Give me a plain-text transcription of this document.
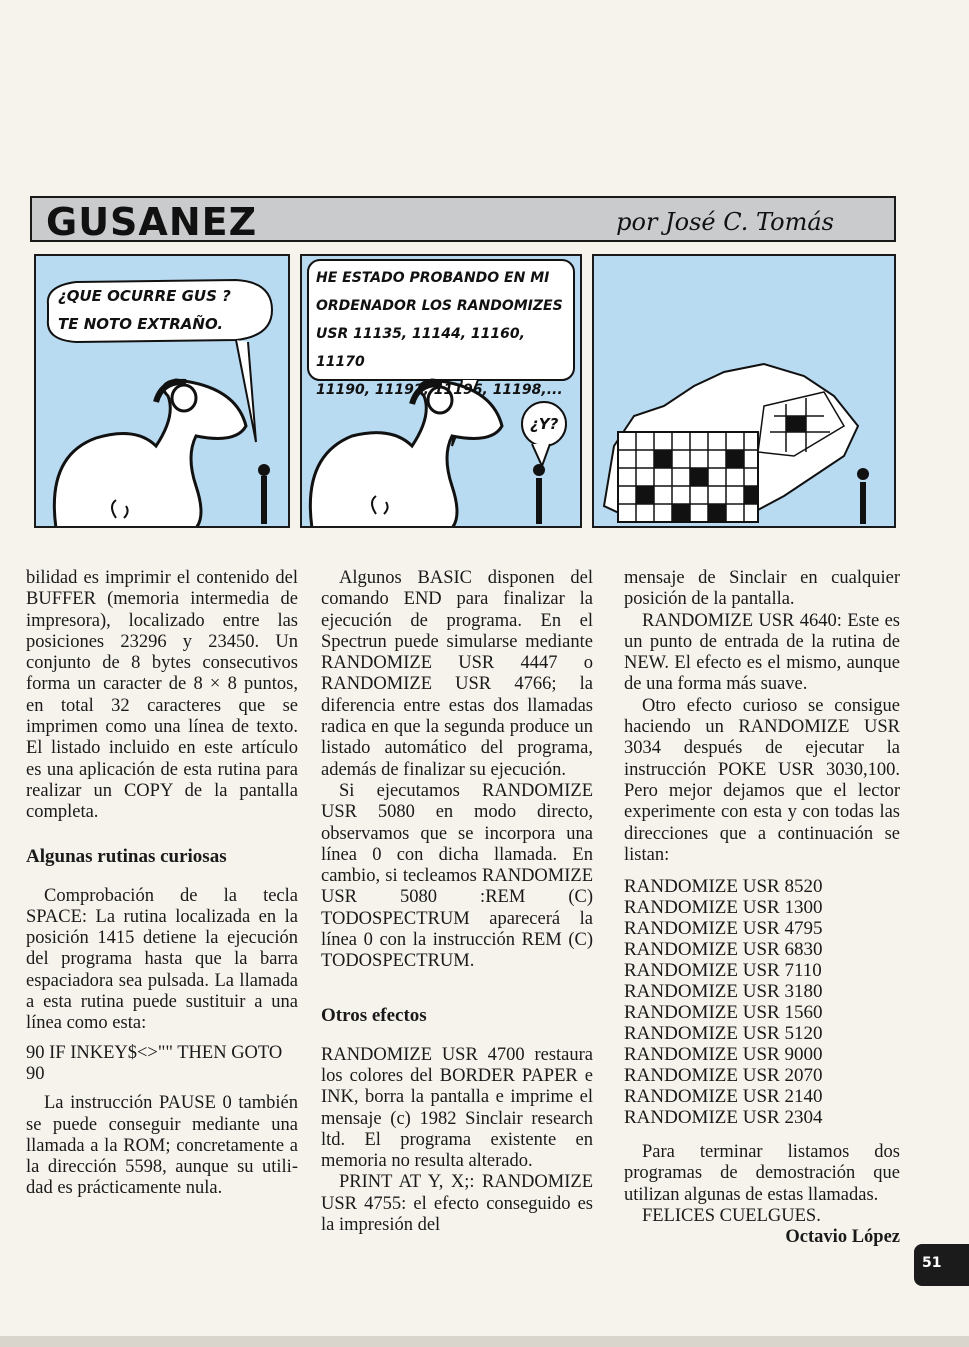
GUSANEZ	por José C. Tomás
¿QUE OCURRE GUS ?
TE NOTO EXTRAÑO.
HE ESTADO PROBANDO EN MI
ORDENADOR LOS RANDOMIZES
USR 11135, 11144, 11160, 11170
11190, 11192, 11196, 11198,...
¿Y?

bilidad es imprimir el contenido del BUFFER (memoria intermedia de impresora), localizado entre las posiciones 23296 y 23450. Un conjunto de 8 bytes consecutivos forma un caracter de 8 × 8 puntos, en total 32 caracteres que se imprimen como una línea de texto. El listado incluido en este artículo es una aplicación de esta rutina para realizar un COPY de la pantalla completa.

Algunas rutinas curiosas

Comprobación de la tecla SPACE: La rutina localizada en la posición 1415 detiene la ejecución del programa hasta que la barra espaciadora sea pulsada. La llamada a esta rutina puede sustituir a una línea como esta:

90 IF INKEY$<>"" THEN GOTO 90

La instrucción PAUSE 0 también se puede conseguir mediante una llamada a la ROM; concretamente a la dirección 5598, aunque su utilidad es prácticamente nula.

Algunos BASIC disponen del comando END para finalizar la ejecución de programa. En el Spectrun puede simularse mediante RANDOMIZE USR 4447 o RANDOMIZE USR 4766; la diferencia entre estas dos llamadas radica en que la segunda produce un listado automático del programa, además de finalizar su ejecución.

Si ejecutamos RANDOMIZE USR 5080 en modo directo, observamos que se incorpora una línea 0 con dicha llamada. En cambio, si tecleamos RANDOMIZE USR 5080 :REM (C) TODOSPECTRUM aparecerá la línea 0 con la instrucción REM (C) TODOSPECTRUM.

Otros efectos

RANDOMIZE USR 4700 restaura los colores del BORDER PAPER e INK, borra la pantalla e imprime el mensaje (c) 1982 Sinclair research ltd. El programa existente en memoria no resulta alterado.

PRINT AT Y, X;: RANDOMIZE USR 4755: el efecto conseguido es la impresión del

mensaje de Sinclair en cualquier posición de la pantalla.

RANDOMIZE USR 4640: Este es un punto de entrada de la rutina de NEW. El efecto es el mismo, aunque de una forma más suave.

Otro efecto curioso se consigue haciendo un RANDOMIZE USR 3034 después de ejecutar la instrucción POKE USR 3030,100. Pero mejor dejamos que el lector experimente con esta y con todas las direcciones que a continuación se listan:

RANDOMIZE USR 8520
RANDOMIZE USR 1300
RANDOMIZE USR 4795
RANDOMIZE USR 6830
RANDOMIZE USR 7110
RANDOMIZE USR 3180
RANDOMIZE USR 1560
RANDOMIZE USR 5120
RANDOMIZE USR 9000
RANDOMIZE USR 2070
RANDOMIZE USR 2140
RANDOMIZE USR 2304

Para terminar listamos dos programas de demostración que utilizan algunas de estas llamadas.

FELICES CUELGUES.

Octavio López

51
